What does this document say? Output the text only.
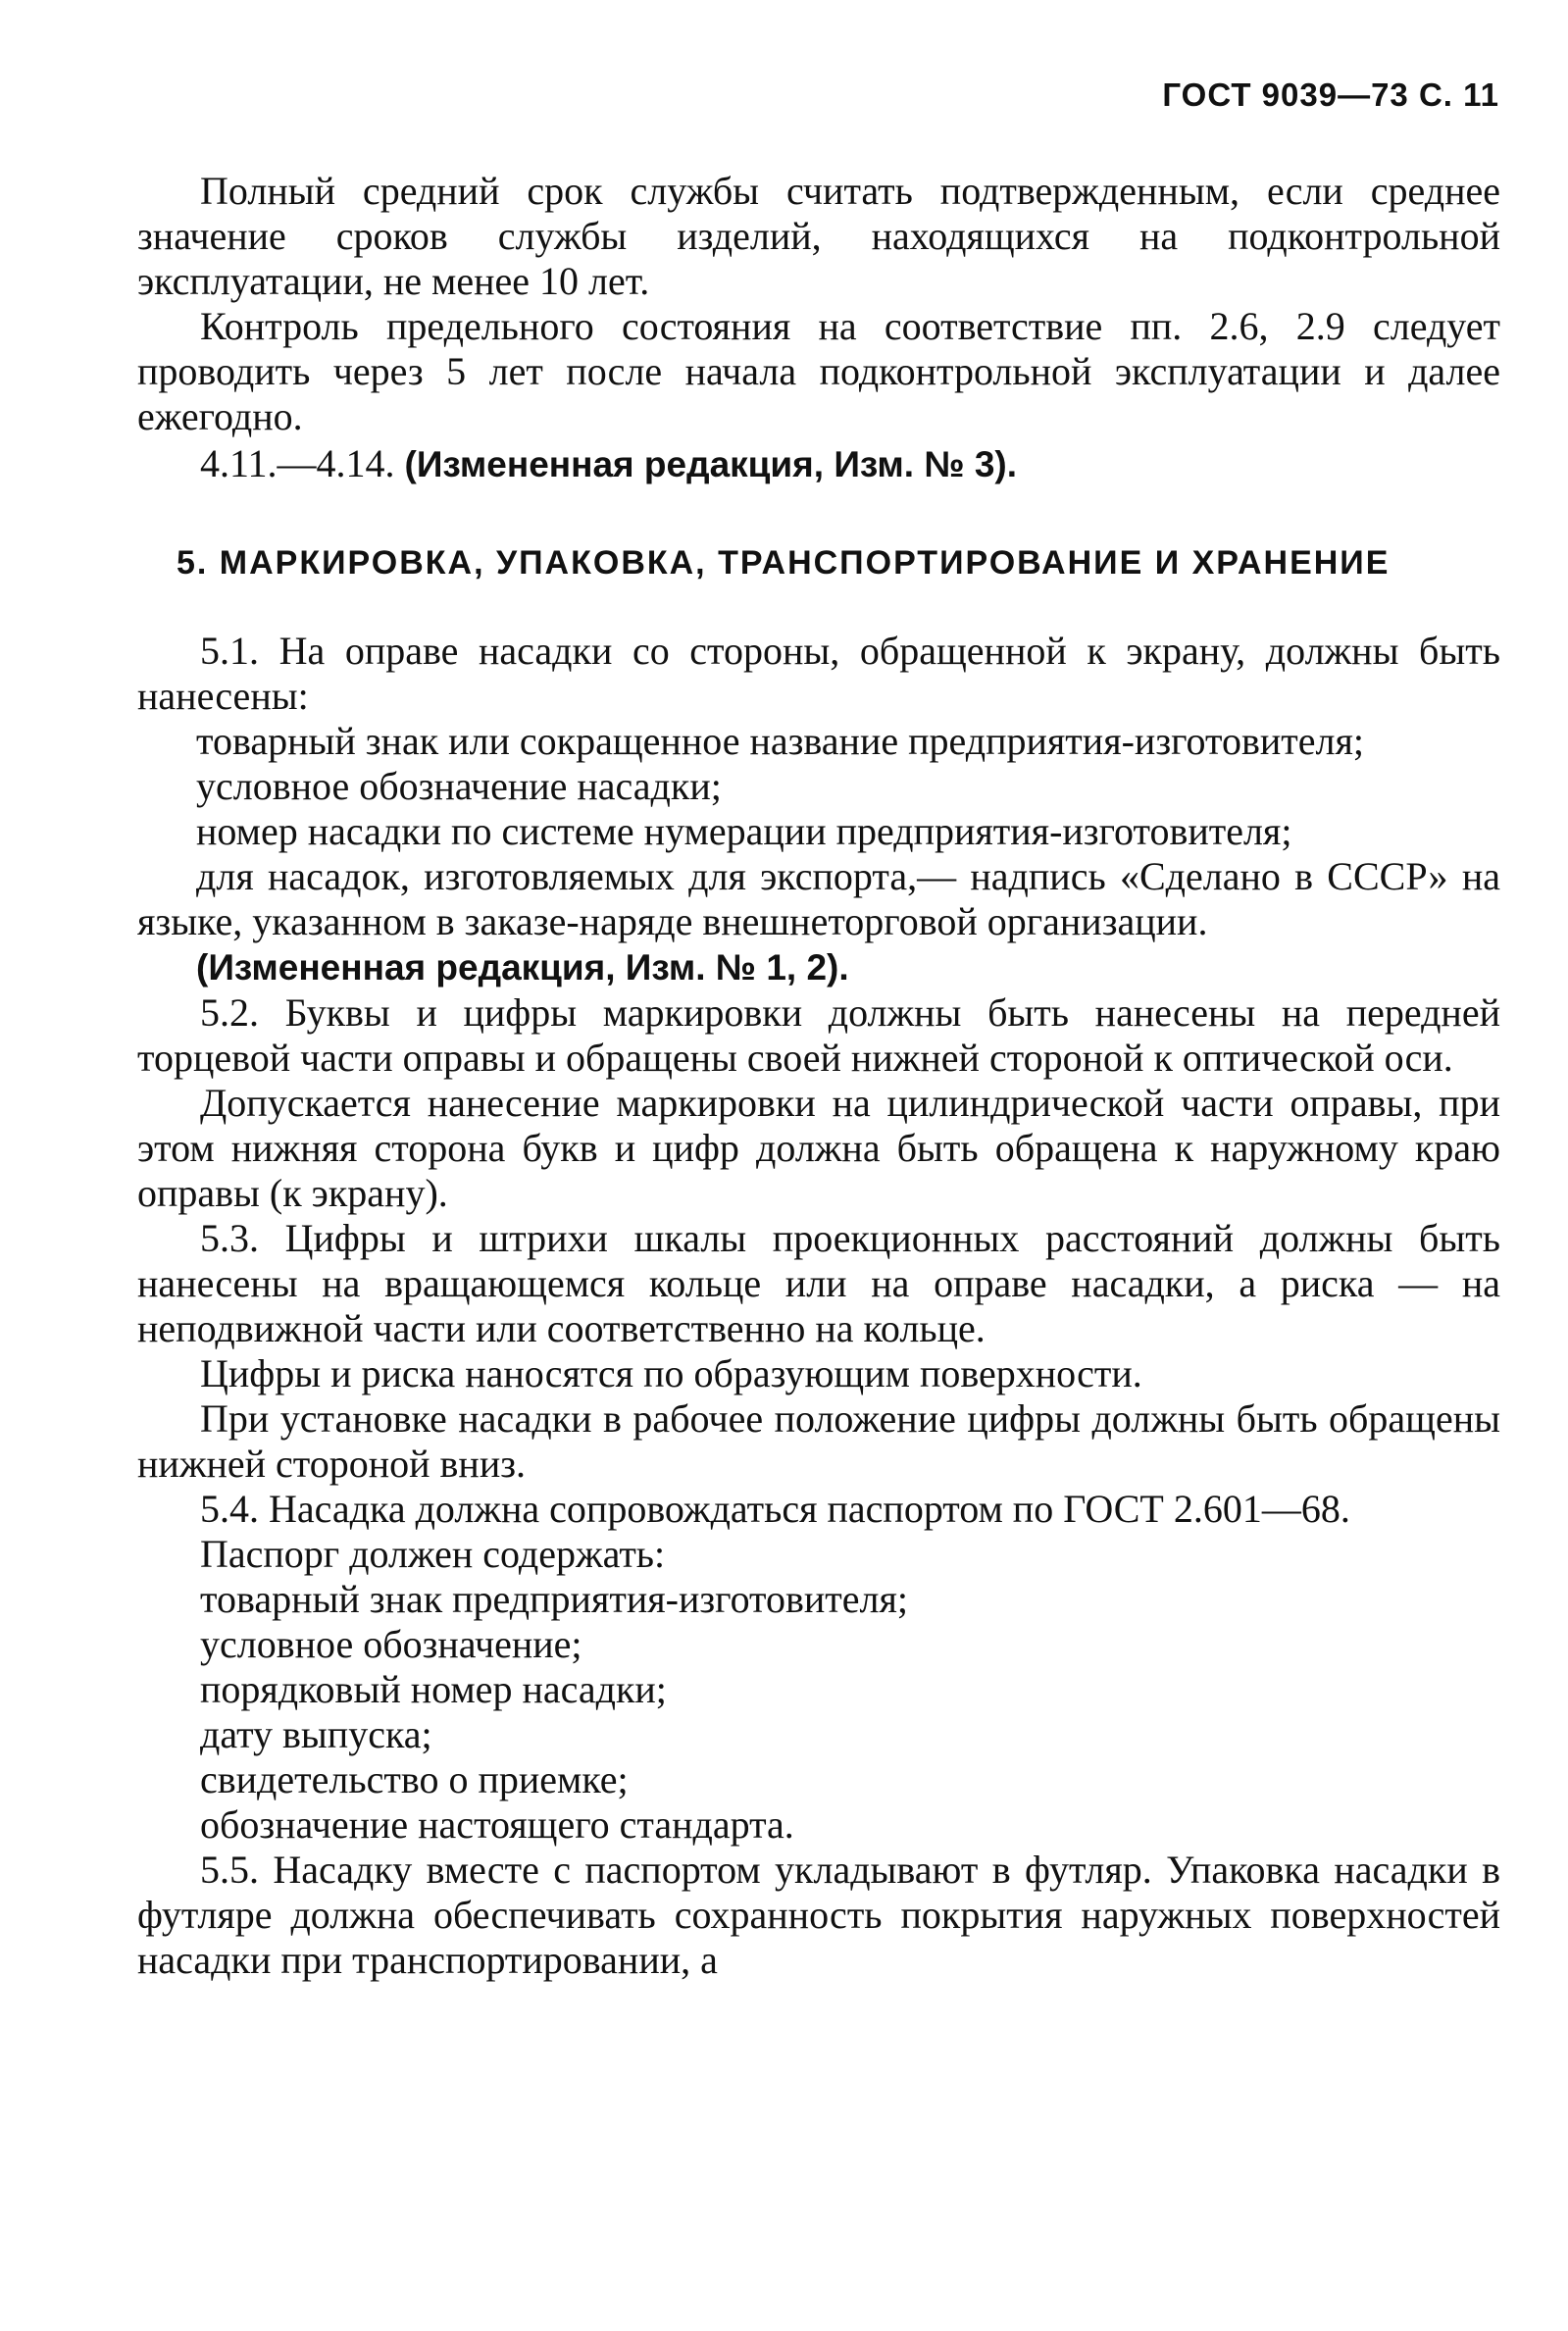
ГОСТ 9039—73 С. 11

Полный средний срок службы считать подтвержденным, если среднее значение сроков службы изделий, находящихся на подконтрольной эксплуатации, не менее 10 лет.

Контроль предельного состояния на соответствие пп. 2.6, 2.9 следует проводить через 5 лет после начала подконтрольной эксплуатации и далее ежегодно.

4.11.—4.14. (Измененная редакция, Изм. № 3).

5. МАРКИРОВКА, УПАКОВКА, ТРАНСПОРТИРОВАНИЕ И ХРАНЕНИЕ

5.1. На оправе насадки со стороны, обращенной к экрану, должны быть нанесены:

товарный знак или сокращенное название предприятия-изготовителя;

условное обозначение насадки;

номер насадки по системе нумерации предприятия-изготовителя;

для насадок, изготовляемых для экспорта,— надпись «Сделано в СССР» на языке, указанном в заказе-наряде внешнеторговой организации.

(Измененная редакция, Изм. № 1, 2).

5.2. Буквы и цифры маркировки должны быть нанесены на передней торцевой части оправы и обращены своей нижней стороной к оптической оси.

Допускается нанесение маркировки на цилиндрической части оправы, при этом нижняя сторона букв и цифр должна быть обращена к наружному краю оправы (к экрану).

5.3. Цифры и штрихи шкалы проекционных расстояний должны быть нанесены на вращающемся кольце или на оправе насадки, а риска — на неподвижной части или соответственно на кольце.

Цифры и риска наносятся по образующим поверхности.

При установке насадки в рабочее положение цифры должны быть обращены нижней стороной вниз.

5.4. Насадка должна сопровождаться паспортом по ГОСТ 2.601—68.

Паспорг должен содержать:

товарный знак предприятия-изготовителя;

условное обозначение;

порядковый номер насадки;

дату выпуска;

свидетельство о приемке;

обозначение настоящего стандарта.

5.5. Насадку вместе с паспортом укладывают в футляр. Упаковка насадки в футляре должна обеспечивать сохранность покрытия наружных поверхностей насадки при транспортировании, а
